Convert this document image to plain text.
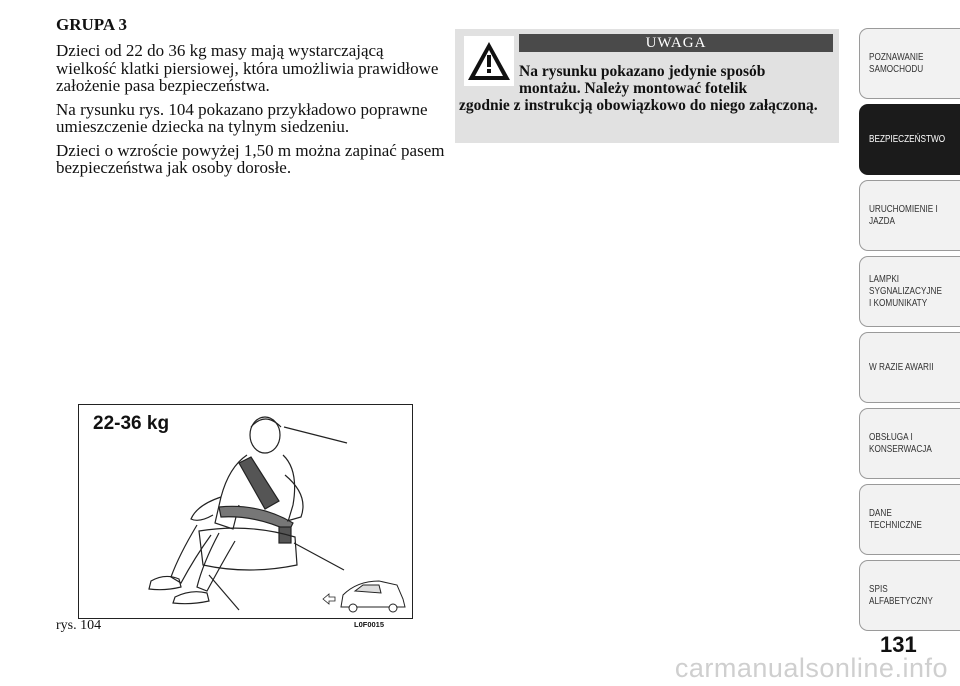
GRUPA 3

Dzieci od 22 do 36 kg masy mają wystarczającą wielkość klatki piersiowej, która umożliwia prawidłowe założenie pasa bezpieczeństwa.

Na rysunku rys. 104 pokazano przykładowo poprawne umieszczenie dziecka na tylnym siedzeniu.

Dzieci o wzroście powyżej 1,50 m można zapinać pasem bezpieczeństwa jak osoby dorosłe.

UWAGA
Na rysunku pokazano jedynie sposób montażu. Należy montować fotelik
zgodnie z instrukcją obowiązkowo do niego załączoną.
22-36 kg
rys. 104	L0F0015
POZNAWANIE
SAMOCHODU
BEZPIECZEŃSTWO
URUCHOMIENIE I
JAZDA
LAMPKI
SYGNALIZACYJNE
I KOMUNIKATY
W RAZIE AWARII
OBSŁUGA I
KONSERWACJA
DANE
TECHNICZNE
SPIS
ALFABETYCZNY
131
carmanualsonline.info
